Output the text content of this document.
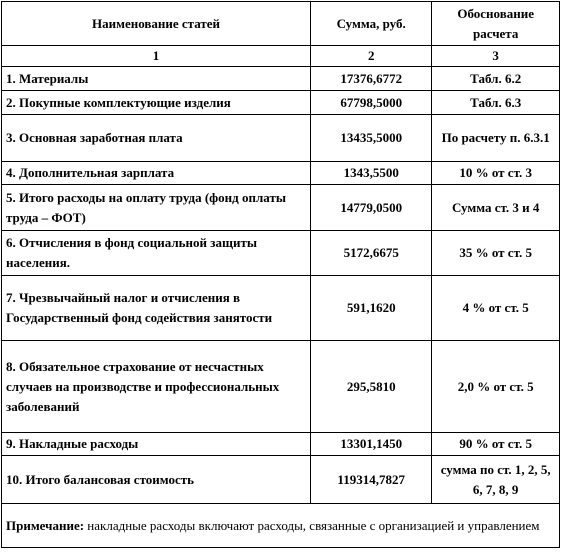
Наименование статей	Сумма, руб.	Обоснование расчета
1	2	3
1. Материалы	17376,6772	Табл. 6.2
2. Покупные комплектующие изделия	67798,5000	Табл. 6.3
3. Основная заработная плата	13435,5000	По расчету п. 6.3.1
4. Дополнительная зарплата	1343,5500	10 % от ст. 3
5. Итого расходы на оплату труда (фонд оплаты труда – ФОТ)	14779,0500	Сумма ст. 3 и 4
6. Отчисления в фонд социальной защиты населения.	5172,6675	35 % от ст. 5
7. Чрезвычайный налог и отчисления в Государственный фонд содействия занятости	591,1620	4 % от ст. 5
8. Обязательное страхование от несчастных случаев на производстве и профессиональных заболеваний	295,5810	2,0 % от ст. 5
9. Накладные расходы	13301,1450	90 % от ст. 5
10. Итого балансовая стоимость	119314,7827	сумма по ст. 1, 2, 5, 6, 7, 8, 9
Примечание: накладные расходы включают расходы, связанные с организацией и управлением		
